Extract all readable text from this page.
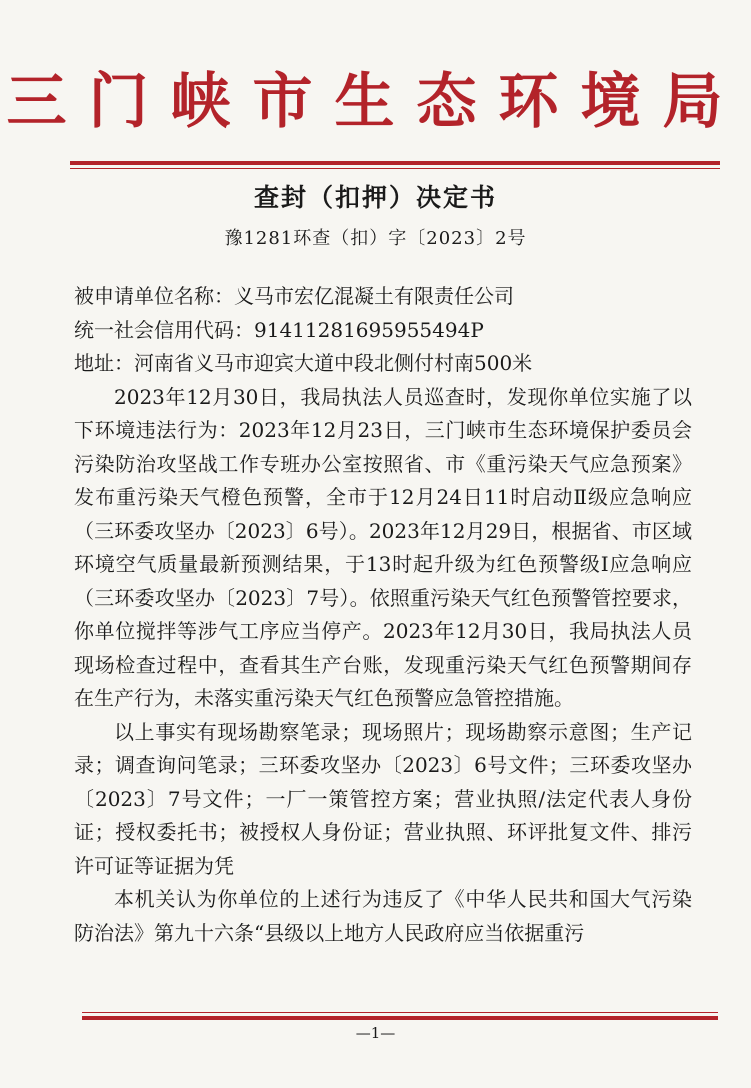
三门峡市生态环境局
查封（扣押）决定书
豫1281环查（扣）字〔2023〕2号

被申请单位名称：义马市宏亿混凝土有限责任公司

统一社会信用代码：91411281695955494P

地址：河南省义马市迎宾大道中段北侧付村南500米

2023年12月30日，我局执法人员巡查时，发现你单位实施了以下环境违法行为：2023年12月23日，三门峡市生态环境保护委员会污染防治攻坚战工作专班办公室按照省、市《重污染天气应急预案》发布重污染天气橙色预警，全市于12月24日11时启动Ⅱ级应急响应（三环委攻坚办〔2023〕6号）。2023年12月29日，根据省、市区域环境空气质量最新预测结果，于13时起升级为红色预警级Ⅰ应急响应（三环委攻坚办〔2023〕7号）。依照重污染天气红色预警管控要求，你单位搅拌等涉气工序应当停产。2023年12月30日，我局执法人员现场检查过程中，查看其生产台账，发现重污染天气红色预警期间存在生产行为，未落实重污染天气红色预警应急管控措施。

以上事实有现场勘察笔录；现场照片；现场勘察示意图；生产记录；调查询问笔录；三环委攻坚办〔2023〕6号文件；三环委攻坚办〔2023〕7号文件；一厂一策管控方案；营业执照/法定代表人身份证；授权委托书；被授权人身份证；营业执照、环评批复文件、排污许可证等证据为凭

本机关认为你单位的上述行为违反了《中华人民共和国大气污染防治法》第九十六条“县级以上地方人民政府应当依据重污

—1—
